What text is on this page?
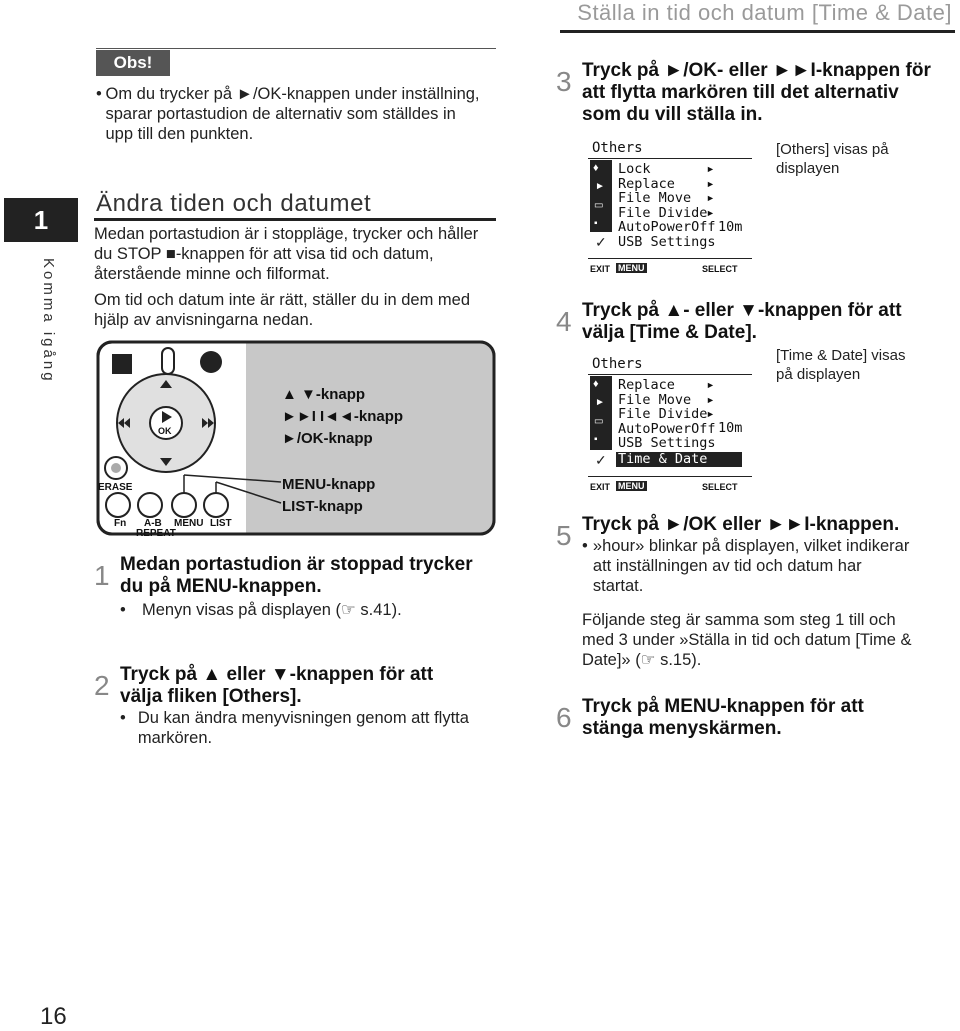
Ställa in tid och datum [Time & Date]
1
Komma igång
Obs!
• Om du trycker på ►/OK-knappen under inställning, sparar portastudion de alternativ som ställdes in upp till den punkten.
Ändra tiden och datumet
Medan portastudion är i stoppläge, trycker och håller du STOP ■-knappen för att visa tid och datum, återstående minne och filformat.
Om tid och datum inte är rätt, ställer du in dem med hjälp av anvisningarna nedan.
ERASE
Fn A-B
REPEAT
MENU LIST
OK
▲ ▼-knapp
►►I I◄◄-knapp
►/OK-knapp
MENU-knapp
LIST-knapp
1 Medan portastudion är stoppad trycker du på MENU-knappen.
• Menyn visas på displayen (☞ s.41).
2 Tryck på ▲ eller ▼-knappen för att välja fliken [Others].
• Du kan ändra menyvisningen genom att flytta markören.
3 Tryck på ►/OK- eller ►►I-knappen för att flytta markören till det alternativ som du vill ställa in.
Others
♦
►
▭
▪
✓
Lock
Replace
File Move
File Divide
AutoPowerOff
USB Settings
►
►
►
►
10m
EXIT MENU	SELECT
[Others] visas på displayen
4 Tryck på ▲- eller ▼-knappen för att välja [Time & Date].
Others
♦
►
▭
▪
✓
Replace
File Move
File Divide
AutoPowerOff
USB Settings
Time & Date
►
►
►
10m
EXIT MENU	SELECT
[Time & Date] visas på displayen
5 Tryck på ►/OK eller ►►I-knappen.
• »hour» blinkar på displayen, vilket indikerar att inställningen av tid och datum har startat.
Följande steg är samma som steg 1 till och med 3 under »Ställa in tid och datum [Time & Date]» (☞ s.15).
6 Tryck på MENU-knappen för att stänga menyskärmen.
16
